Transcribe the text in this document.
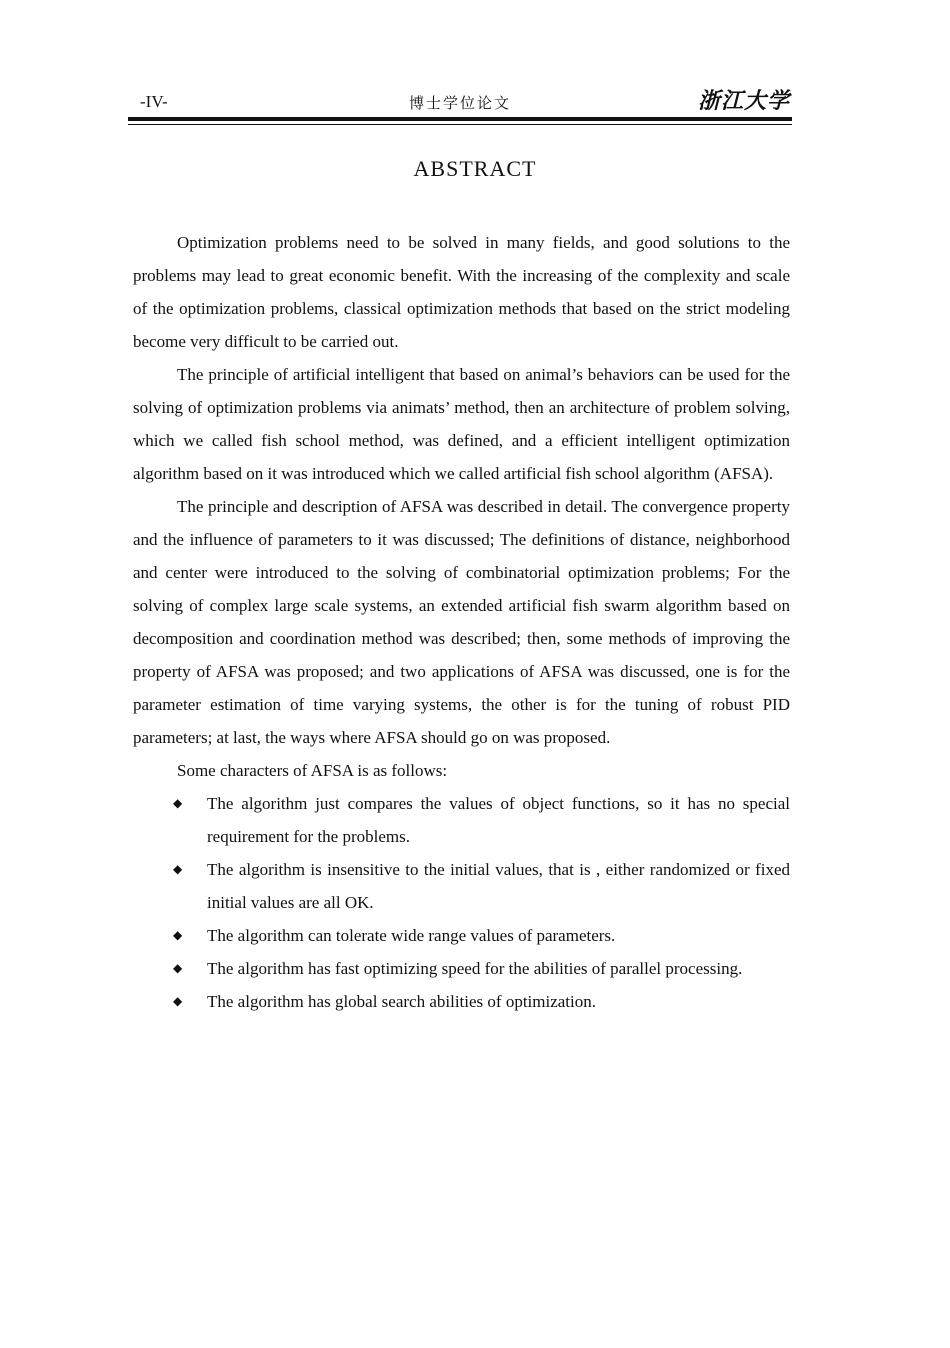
-IV-	博士学位论文	浙江大学
ABSTRACT

Optimization problems need to be solved in many fields, and good solutions to the problems may lead to great economic benefit. With the increasing of the complexity and scale of the optimization problems, classical optimization methods that based on the strict modeling become very difficult to be carried out.

The principle of artificial intelligent that based on animal’s behaviors can be used for the solving of optimization problems via animats’ method, then an architecture of problem solving, which we called fish school method, was defined, and a efficient intelligent optimization algorithm based on it was introduced which we called artificial fish school algorithm (AFSA).

The principle and description of AFSA was described in detail. The convergence property and the influence of parameters to it was discussed; The definitions of distance, neighborhood and center were introduced to the solving of combinatorial optimization problems; For the solving of complex large scale systems, an extended artificial fish swarm algorithm based on decomposition and coordination method was described; then, some methods of improving the property of AFSA was proposed; and two applications of AFSA was discussed, one is for the parameter estimation of time varying systems, the other is for the tuning of robust PID parameters; at last, the ways where AFSA should go on was proposed.

Some characters of AFSA is as follows:

◆ The algorithm just compares the values of object functions, so it has no special requirement for the problems.
◆ The algorithm is insensitive to the initial values, that is , either randomized or fixed initial values are all OK.
◆ The algorithm can tolerate wide range values of parameters.
◆ The algorithm has fast optimizing speed for the abilities of parallel processing.
◆ The algorithm has global search abilities of optimization.
